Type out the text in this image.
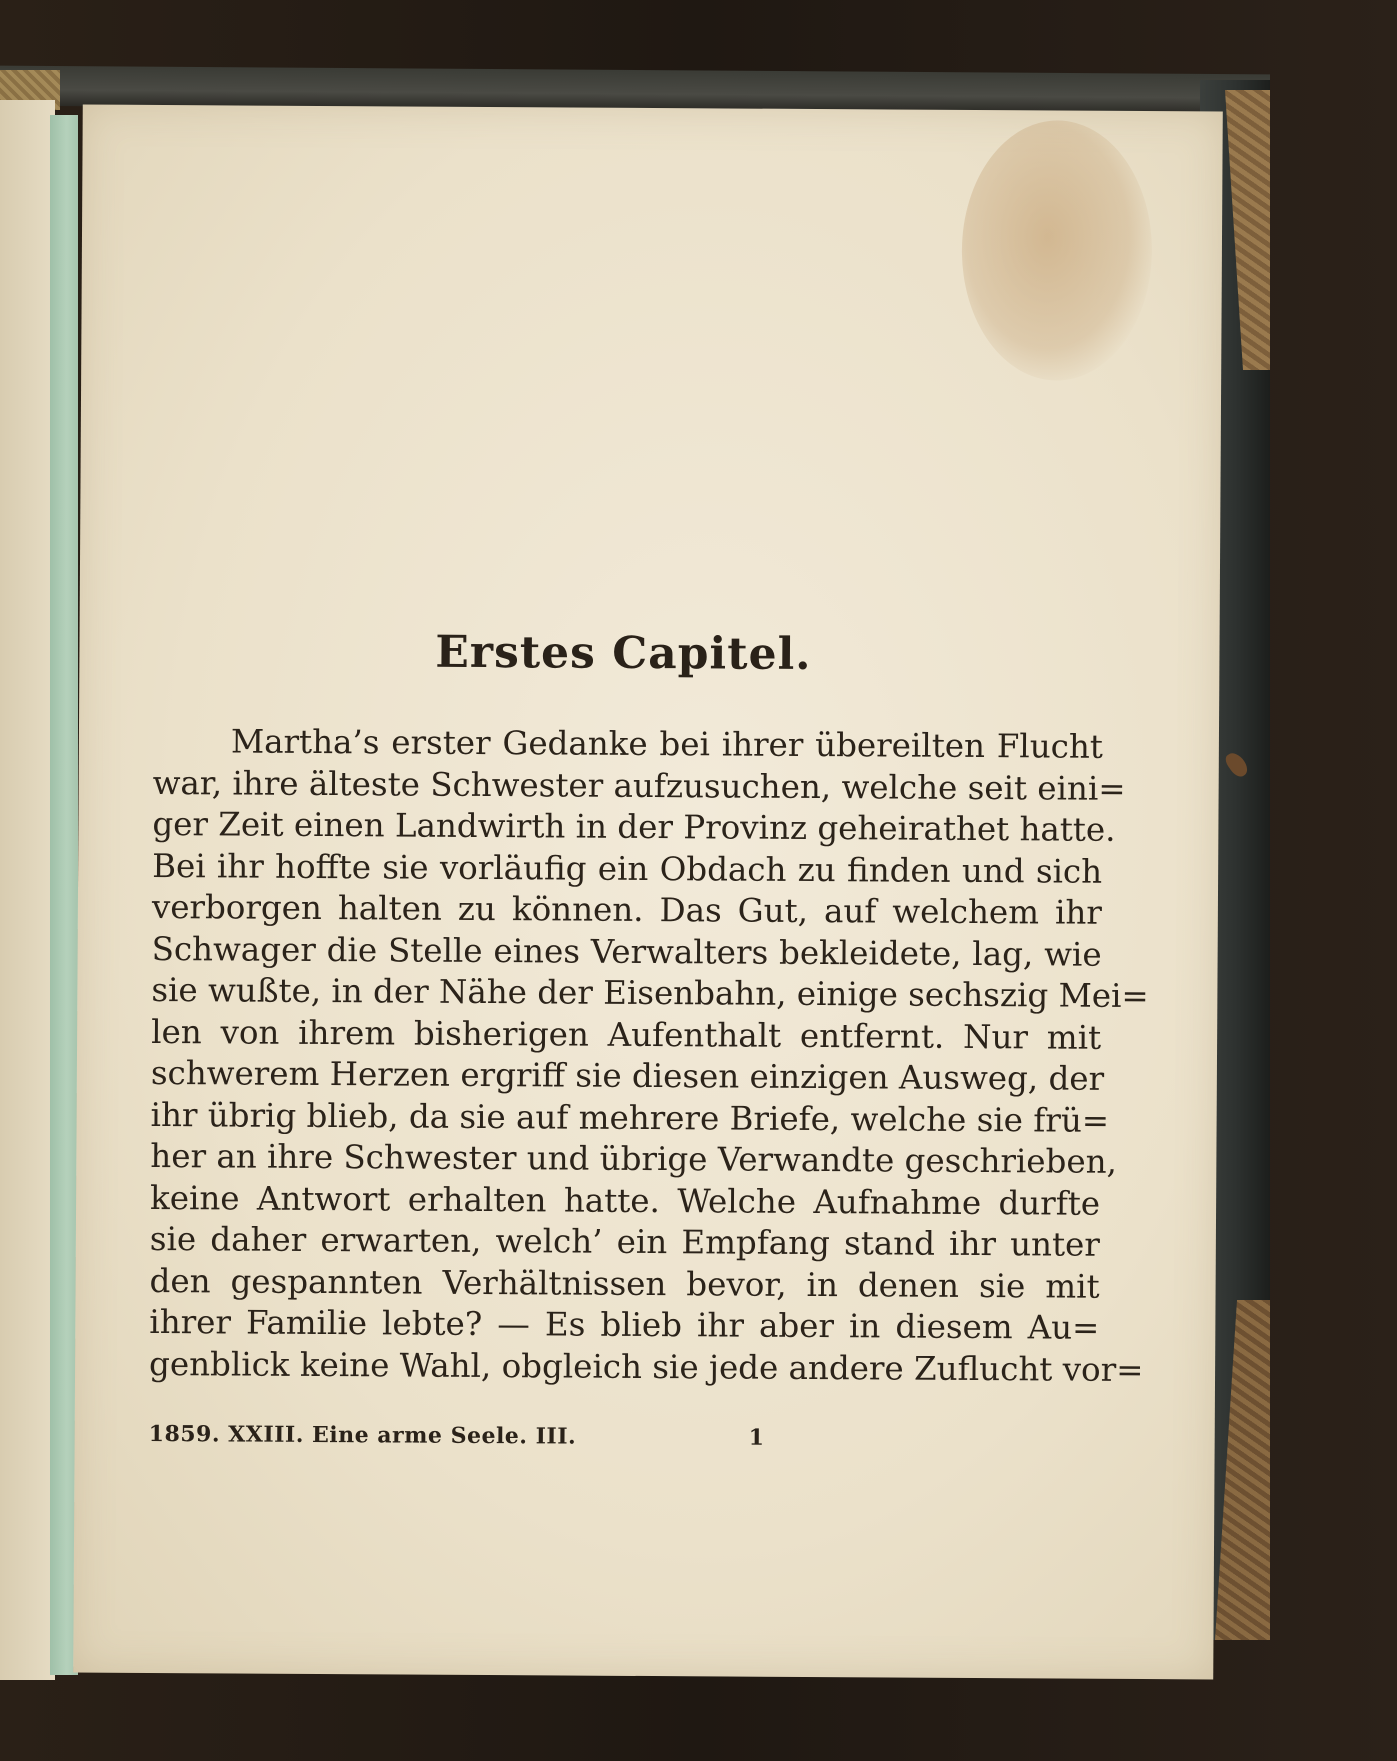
Erstes Capitel.
Martha’s erster Gedanke bei ihrer übereilten Flucht
war, ihre älteste Schwester aufzusuchen, welche seit eini=
ger Zeit einen Landwirth in der Provinz geheirathet hatte.
Bei ihr hoffte sie vorläufig ein Obdach zu finden und sich
verborgen halten zu können. Das Gut, auf welchem ihr
Schwager die Stelle eines Verwalters bekleidete, lag, wie
sie wußte, in der Nähe der Eisenbahn, einige sechszig Mei=
len von ihrem bisherigen Aufenthalt entfernt. Nur mit
schwerem Herzen ergriff sie diesen einzigen Ausweg, der
ihr übrig blieb, da sie auf mehrere Briefe, welche sie frü=
her an ihre Schwester und übrige Verwandte geschrieben,
keine Antwort erhalten hatte. Welche Aufnahme durfte
sie daher erwarten, welch’ ein Empfang stand ihr unter
den gespannten Verhältnissen bevor, in denen sie mit
ihrer Familie lebte? — Es blieb ihr aber in diesem Au=
genblick keine Wahl, obgleich sie jede andere Zuflucht vor=
1859. XXIII. Eine arme Seele. III.	1
